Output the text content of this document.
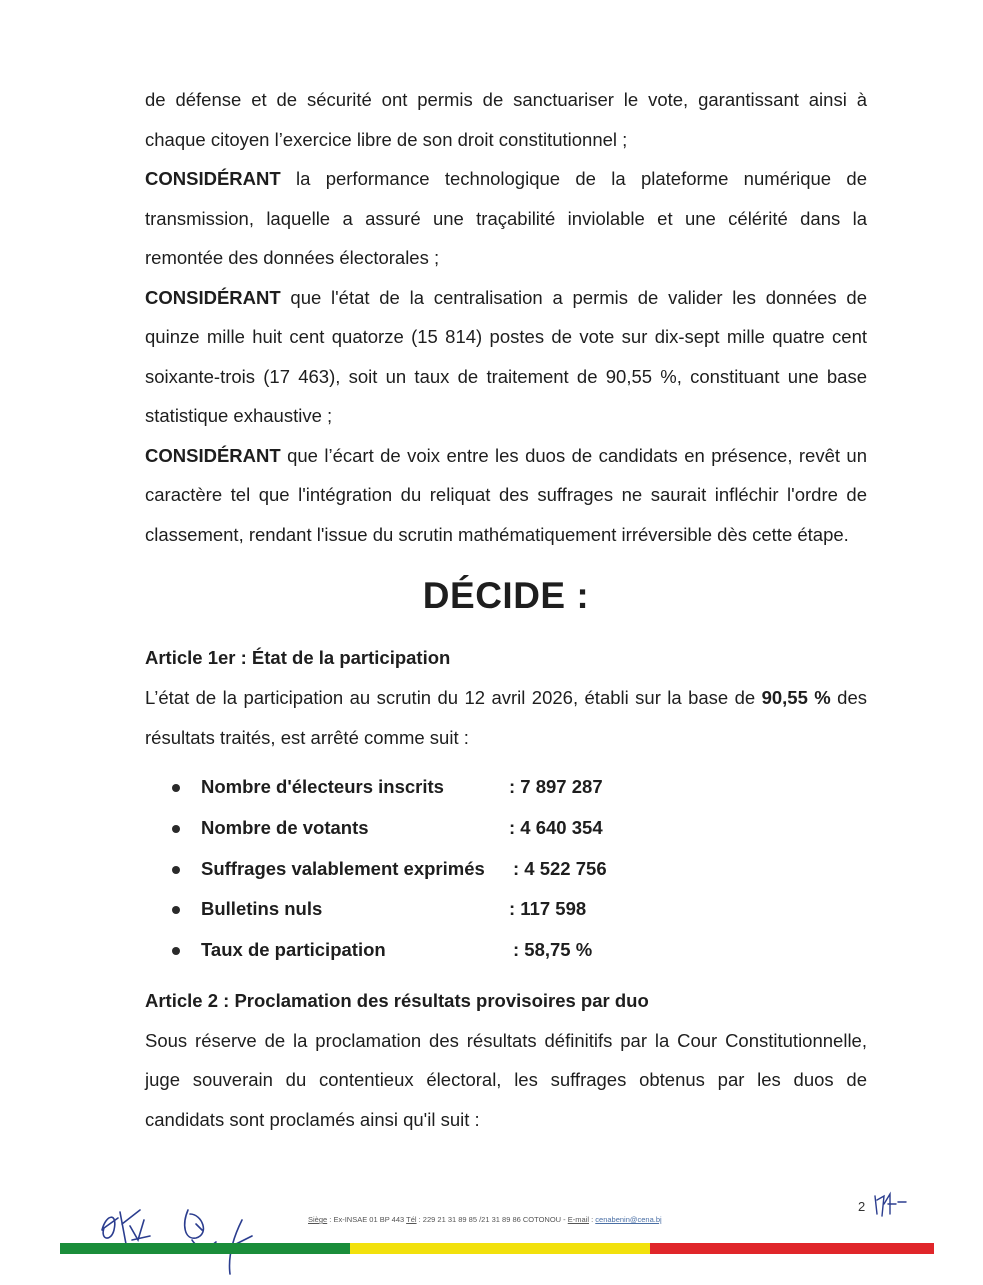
de défense et de sécurité ont permis de sanctuariser le vote, garantissant ainsi à chaque citoyen l’exercice libre de son droit constitutionnel ;

CONSIDÉRANT la performance technologique de la plateforme numérique de transmission, laquelle a assuré une traçabilité inviolable et une célérité dans la remontée des données électorales ;

CONSIDÉRANT que l'état de la centralisation a permis de valider les données de quinze mille huit cent quatorze (15 814) postes de vote sur dix-sept mille quatre cent soixante-trois (17 463), soit un taux de traitement de 90,55 %, constituant une base statistique exhaustive ;

CONSIDÉRANT que l’écart de voix entre les duos de candidats en présence, revêt un caractère tel que l'intégration du reliquat des suffrages ne saurait infléchir l'ordre de classement, rendant l'issue du scrutin mathématiquement irréversible dès cette étape.

DÉCIDE :
Article 1er : État de la participation

L’état de la participation au scrutin du 12 avril 2026, établi sur la base de 90,55 % des résultats traités, est arrêté comme suit :

Nombre d'électeurs inscrits	: 7 897 287
Nombre de votants	: 4 640 354
Suffrages valablement exprimés : 4 522 756
Bulletins nuls	: 117 598
Taux de participation	: 58,75 %
Article 2 : Proclamation des résultats provisoires par duo

Sous réserve de la proclamation des résultats définitifs par la Cour Constitutionnelle, juge souverain du contentieux électoral, les suffrages obtenus par les duos de candidats sont proclamés ainsi qu'il suit :

Siège : Ex-INSAE 01 BP 443 Tél : 229 21 31 89 85 /21 31 89 86 COTONOU - E-mail : cenabenin@cena.bj
2
